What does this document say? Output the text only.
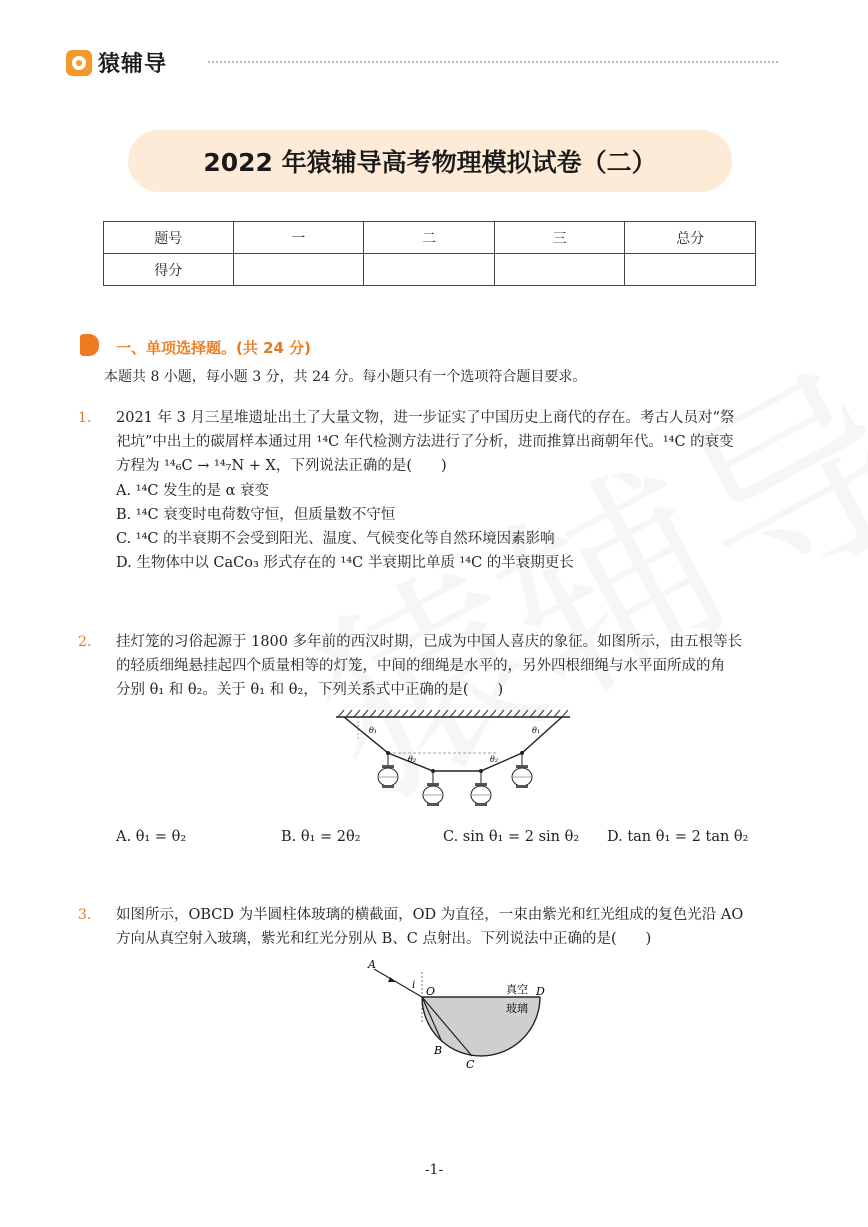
猿辅导
2022 年猿辅导高考物理模拟试卷（二）
题号	一	二	三	总分
得分				
一、单项选择题。(共 24 分)
本题共 8 小题，每小题 3 分，共 24 分。每小题只有一个选项符合题目要求。
1. 2021 年 3 月三星堆遗址出土了大量文物，进一步证实了中国历史上商代的存在。考古人员对“祭
祀坑”中出土的碳屑样本通过用 ¹⁴C 年代检测方法进行了分析，进而推算出商朝年代。¹⁴C 的衰变
方程为 ¹⁴₆C → ¹⁴₇N + X，下列说法正确的是(　　)
A. ¹⁴C 发生的是 α 衰变
B. ¹⁴C 衰变时电荷数守恒，但质量数不守恒
C. ¹⁴C 的半衰期不会受到阳光、温度、气候变化等自然环境因素影响
D. 生物体中以 CaCo₃ 形式存在的 ¹⁴C 半衰期比单质 ¹⁴C 的半衰期更长
2. 挂灯笼的习俗起源于 1800 多年前的西汉时期，已成为中国人喜庆的象征。如图所示，由五根等长
的轻质细绳悬挂起四个质量相等的灯笼，中间的细绳是水平的，另外四根细绳与水平面所成的角
分别 θ₁ 和 θ₂。关于 θ₁ 和 θ₂，下列关系式中正确的是(　　)
θ₁	θ₁
θ₂	θ₂
A. θ₁ = θ₂	B. θ₁ = 2θ₂	C. sin θ₁ = 2 sin θ₂ D. tan θ₁ = 2 tan θ₂
3. 如图所示，OBCD 为半圆柱体玻璃的横截面，OD 为直径，一束由紫光和红光组成的复色光沿 AO
方向从真空射入玻璃，紫光和红光分别从 B、C 点射出。下列说法中正确的是(　　)
A
i O	D
B
C
真空
玻璃
-1-
